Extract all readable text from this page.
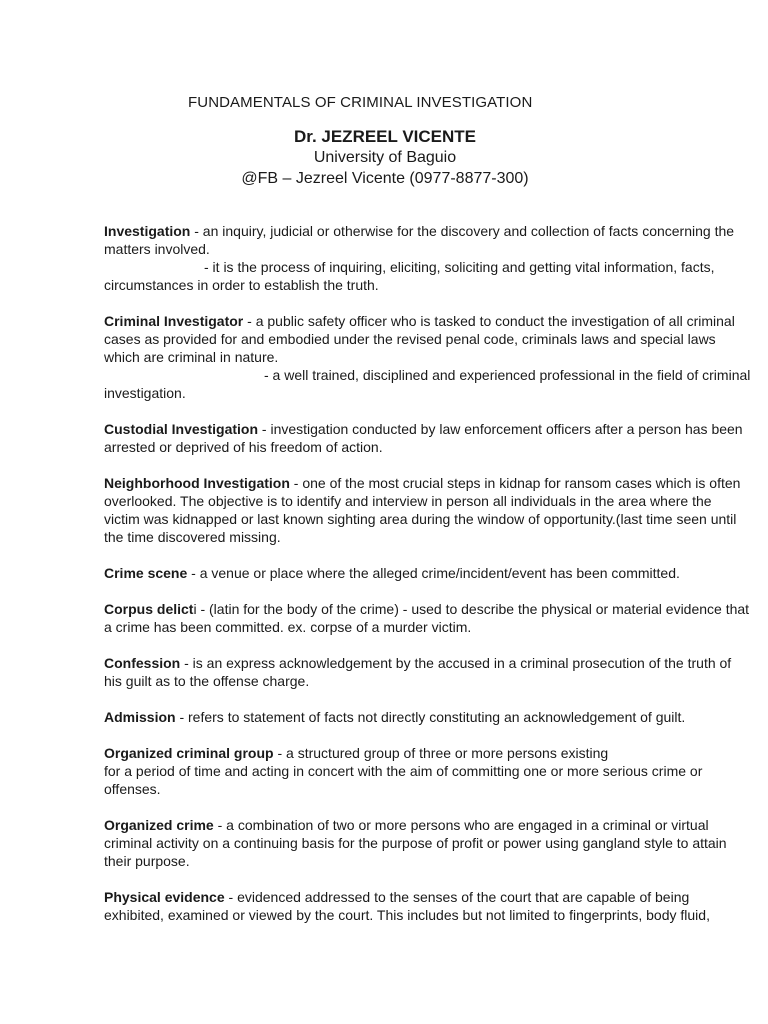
FUNDAMENTALS OF CRIMINAL INVESTIGATION
Dr. JEZREEL VICENTE
University of Baguio
@FB – Jezreel Vicente (0977-8877-300)
Investigation - an inquiry, judicial or otherwise for the discovery and collection of facts concerning the
matters involved.
- it is the process of inquiring, eliciting, soliciting and getting vital information, facts,
circumstances in order to establish the truth.
Criminal Investigator - a public safety officer who is tasked to conduct the investigation of all criminal
cases as provided for and embodied under the revised penal code, criminals laws and special laws
which are criminal in nature.
- a well trained, disciplined and experienced professional in the field of criminal
investigation.
Custodial Investigation - investigation conducted by law enforcement officers after a person has been
arrested or deprived of his freedom of action.
Neighborhood Investigation - one of the most crucial steps in kidnap for ransom cases which is often
overlooked. The objective is to identify and interview in person all individuals in the area where the
victim was kidnapped or last known sighting area during the window of opportunity.(last time seen until
the time discovered missing.
Crime scene - a venue or place where the alleged crime/incident/event has been committed.
Corpus delicti - (latin for the body of the crime) - used to describe the physical or material evidence that
a crime has been committed. ex. corpse of a murder victim.
Confession - is an express acknowledgement by the accused in a criminal prosecution of the truth of
his guilt as to the offense charge.
Admission - refers to statement of facts not directly constituting an acknowledgement of guilt.
Organized criminal group - a structured group of three or more persons existing
for a period of time and acting in concert with the aim of committing one or more serious crime or
offenses.
Organized crime - a combination of two or more persons who are engaged in a criminal or virtual
criminal activity on a continuing basis for the purpose of profit or power using gangland style to attain
their purpose.
Physical evidence - evidenced addressed to the senses of the court that are capable of being
exhibited, examined or viewed by the court. This includes but not limited to fingerprints, body fluid,
